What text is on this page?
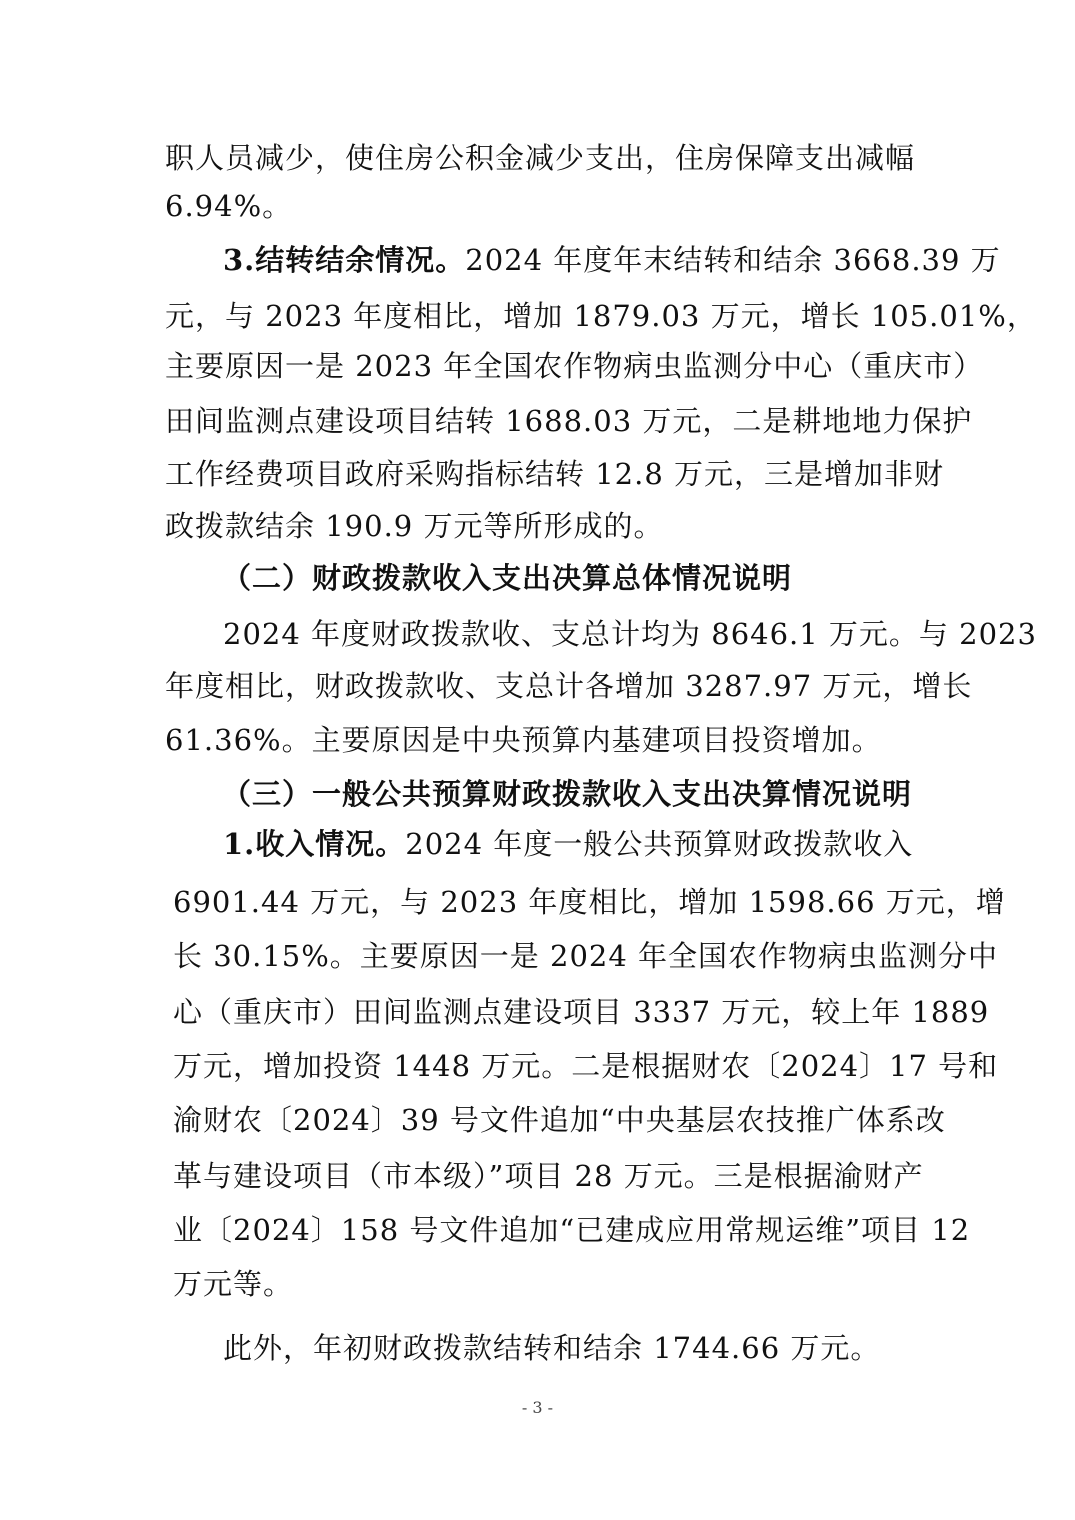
职人员减少，使住房公积金减少支出，住房保障支出减幅
6.94%。
3.结转结余情况。2024 年度年末结转和结余 3668.39 万
元，与 2023 年度相比，增加 1879.03 万元，增长 105.01%，
主要原因一是 2023 年全国农作物病虫监测分中心（重庆市）
田间监测点建设项目结转 1688.03 万元，二是耕地地力保护
工作经费项目政府采购指标结转 12.8 万元，三是增加非财
政拨款结余 190.9 万元等所形成的。
（二）财政拨款收入支出决算总体情况说明
2024 年度财政拨款收、支总计均为 8646.1 万元。与 2023
年度相比，财政拨款收、支总计各增加 3287.97 万元，增长
61.36%。主要原因是中央预算内基建项目投资增加。
（三）一般公共预算财政拨款收入支出决算情况说明
1.收入情况。2024 年度一般公共预算财政拨款收入
6901.44 万元，与 2023 年度相比，增加 1598.66 万元，增
长 30.15%。主要原因一是 2024 年全国农作物病虫监测分中
心（重庆市）田间监测点建设项目 3337 万元，较上年 1889
万元，增加投资 1448 万元。二是根据财农〔2024〕17 号和
渝财农〔2024〕39 号文件追加“中央基层农技推广体系改
革与建设项目（市本级）”项目 28 万元。三是根据渝财产
业〔2024〕158 号文件追加“已建成应用常规运维”项目 12
万元等。
此外，年初财政拨款结转和结余 1744.66 万元。
- 3 -
